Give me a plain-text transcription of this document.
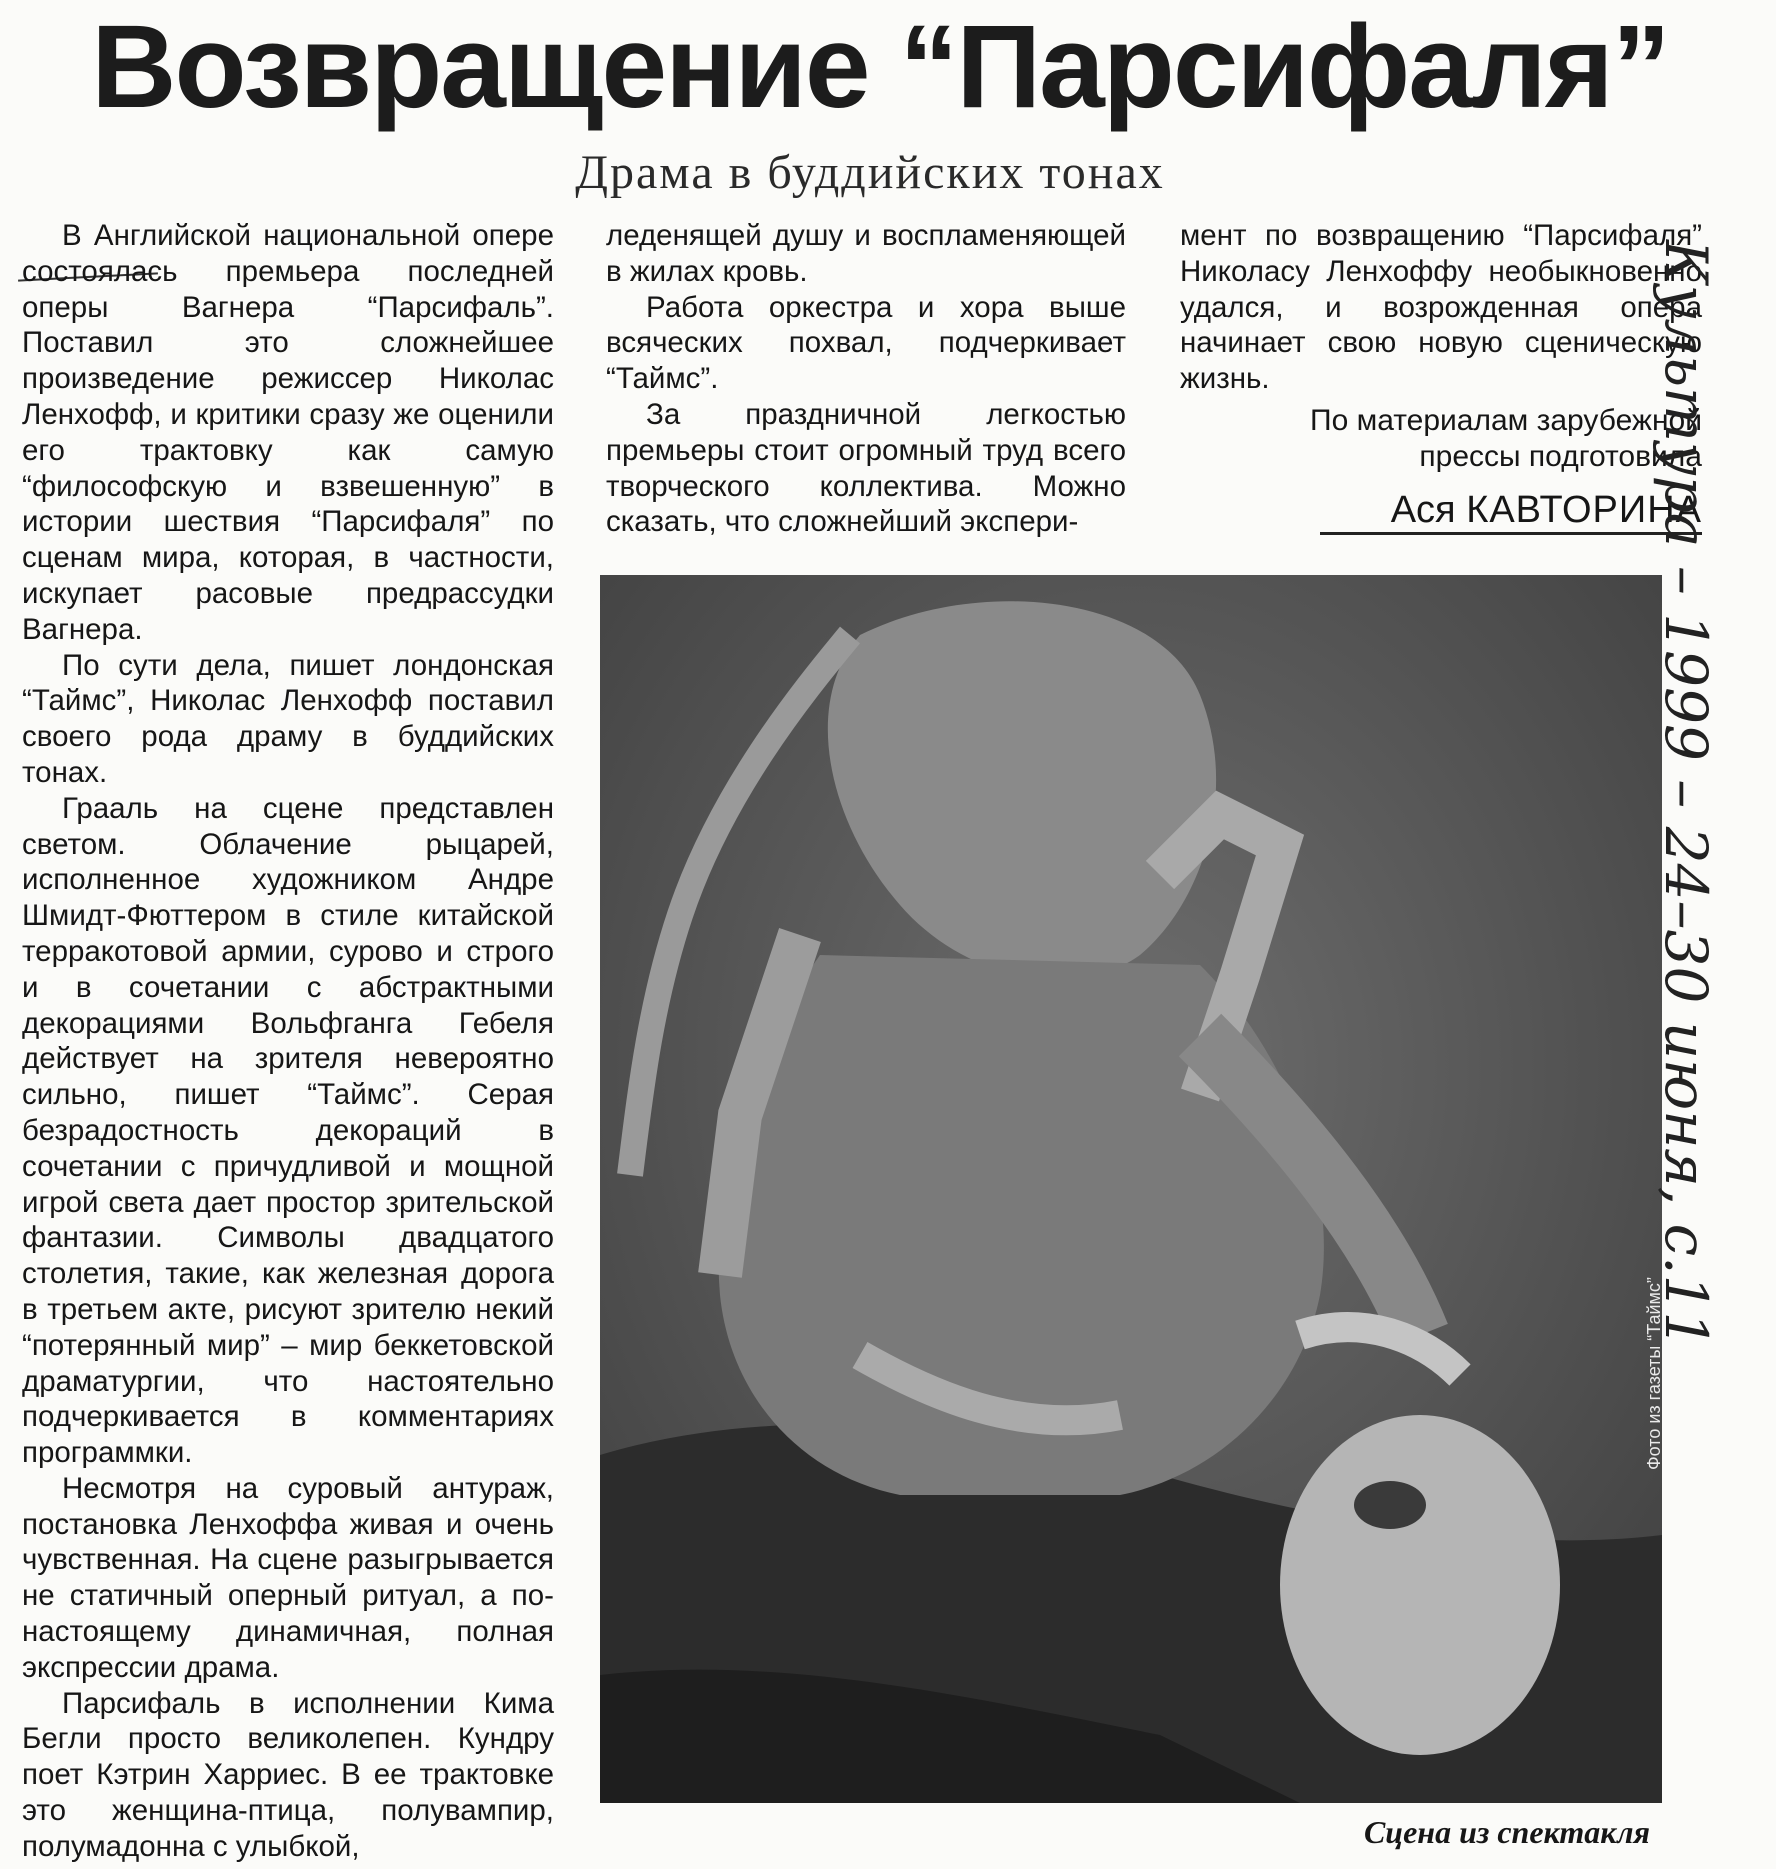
Возвращение “Парсифаля”
Драма в буддийских тонах

В Английской национальной опере состоялась премьера последней оперы Вагнера “Парсифаль”. Поставил это сложнейшее произведение режиссер Николас Ленхофф, и критики сразу же оценили его трактовку как самую “философскую и взвешенную” в истории шествия “Парсифаля” по сценам мира, которая, в частности, искупает расовые предрассудки Вагнера.

По сути дела, пишет лондонская “Таймс”, Николас Ленхофф поставил своего рода драму в буддийских тонах.

Грааль на сцене представлен светом. Облачение рыцарей, исполненное художником Андре Шмидт-Фюттером в стиле китайской терракотовой армии, сурово и строго и в сочетании с абстрактными декорациями Вольфганга Гебеля действует на зрителя невероятно сильно, пишет “Таймс”. Серая безрадостность декораций в сочетании с причудливой и мощной игрой света дает простор зрительской фантазии. Символы двадцатого столетия, такие, как железная дорога в третьем акте, рисуют зрителю некий “потерянный мир” – мир беккетовской драматургии, что настоятельно подчеркивается в комментариях программки.

Несмотря на суровый антураж, постановка Ленхоффа живая и очень чувственная. На сцене разыгрывается не статичный оперный ритуал, а по-настоящему динамичная, полная экспрессии драма.

Парсифаль в исполнении Кима Бегли просто великолепен. Кундру поет Кэтрин Харриес. В ее трактовке это женщина-птица, полувампир, полумадонна с улыбкой,

леденящей душу и воспламеняющей в жилах кровь.

Работа оркестра и хора выше всяческих похвал, подчеркивает “Таймс”.

За праздничной легкостью премьеры стоит огромный труд всего творческого коллектива. Можно сказать, что сложнейший экспери-

мент по возвращению “Парсифаля” Николасу Ленхоффу необыкновенно удался, и возрожденная опера начинает свою новую сценическую жизнь.

По материалам зарубежной
прессы подготовила
Ася КАВТОРИНА
Фото из газеты “Таймс”
Сцена из спектакля
Культура – 1999 – 24–30 июня, с.11
